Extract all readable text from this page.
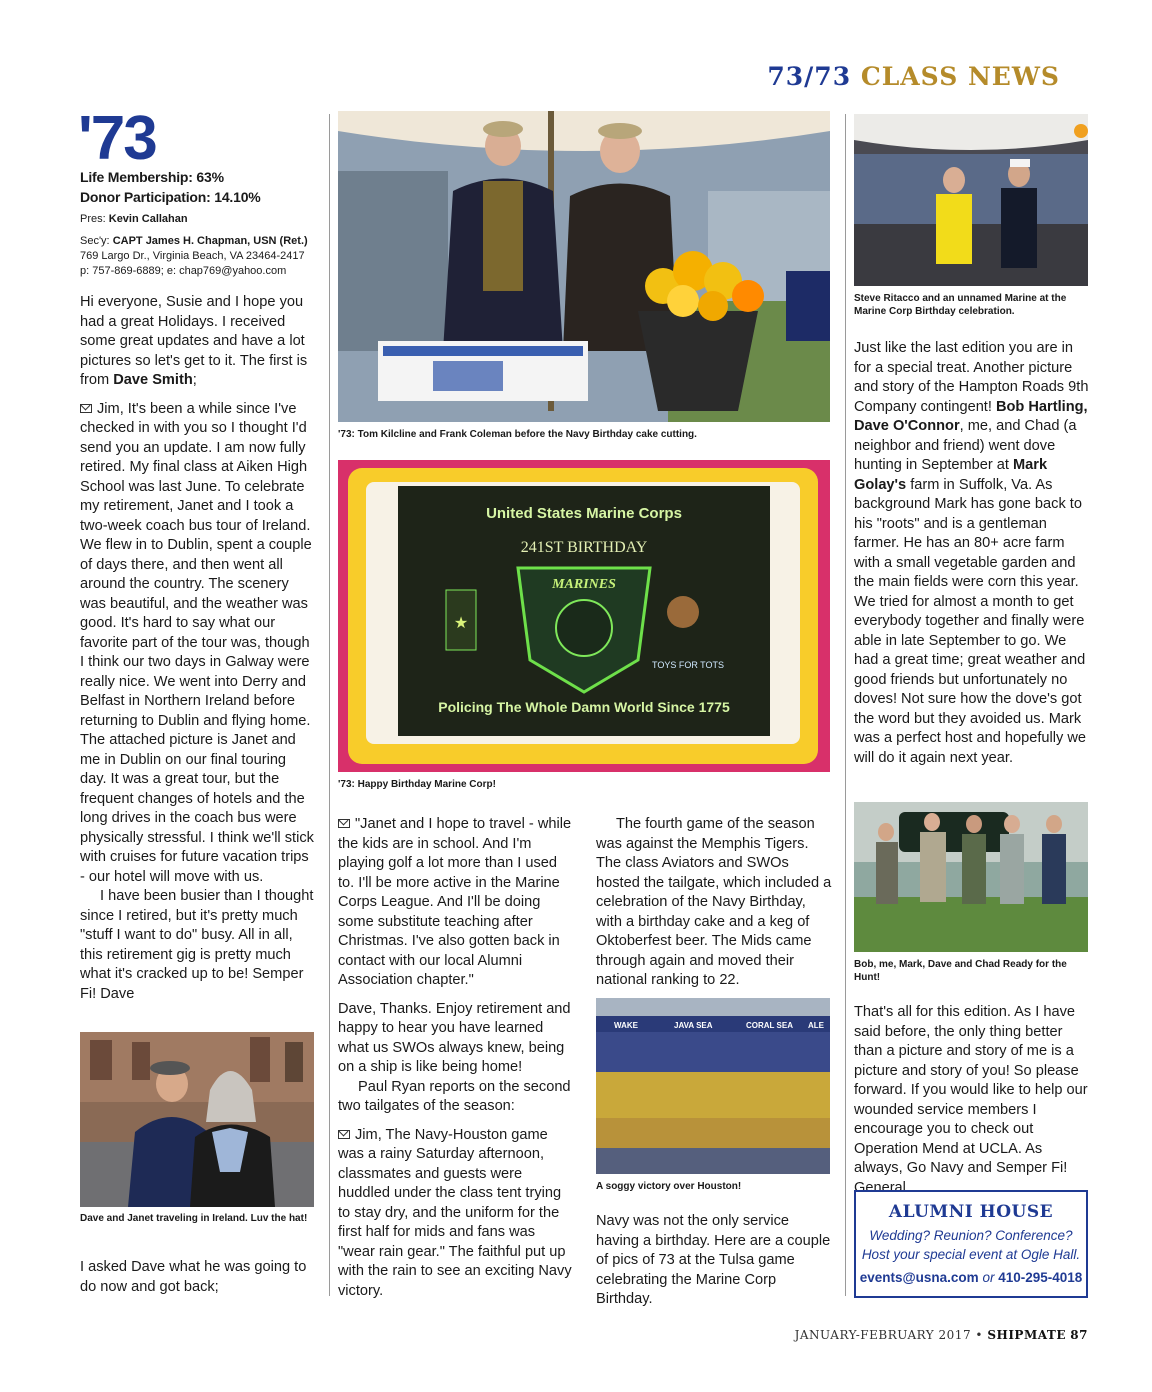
73/73 CLASS NEWS
'73
Life Membership: 63%
Donor Participation: 14.10%
Pres: Kevin Callahan
Sec'y: CAPT James H. Chapman, USN (Ret.)
769 Largo Dr., Virginia Beach, VA 23464-2417
p: 757-869-6889; e: chap769@yahoo.com

Hi everyone, Susie and I hope you had a great Holidays. I received some great updates and have a lot pictures so let's get to it. The first is from Dave Smith;

Jim, It's been a while since I've checked in with you so I thought I'd send you an update. I am now fully retired. My final class at Aiken High School was last June. To celebrate my retirement, Janet and I took a two-week coach bus tour of Ireland. We flew in to Dublin, spent a couple of days there, and then went all around the country. The scenery was beautiful, and the weather was good. It's hard to say what our favorite part of the tour was, though I think our two days in Galway were really nice. We went into Derry and Belfast in Northern Ireland before returning to Dublin and flying home. The attached picture is Janet and me in Dublin on our final touring day. It was a great tour, but the frequent changes of hotels and the long drives in the coach bus were physically stressful. I think we'll stick with cruises for future vacation trips - our hotel will move with us.

I have been busier than I thought since I retired, but it's pretty much "stuff I want to do" busy. All in all, this retirement gig is pretty much what it's cracked up to be! Semper Fi! Dave

Dave and Janet traveling in Ireland. Luv the hat!

I asked Dave what he was going to do now and got back;

'73: Tom Kilcline and Frank Coleman before the Navy Birthday cake cutting.
United States Marine Corps
241ST BIRTHDAY
MARINES
★
TOYS FOR TOTS
Policing The Whole Damn World Since 1775
'73: Happy Birthday Marine Corp!

"Janet and I hope to travel - while the kids are in school. And I'm playing golf a lot more than I used to. I'll be more active in the Marine Corps League. And I'll be doing some substitute teaching after Christmas. I've also gotten back in contact with our local Alumni Association chapter."

Dave, Thanks. Enjoy retirement and happy to hear you have learned what us SWOs always knew, being on a ship is like being home!

Paul Ryan reports on the second two tailgates of the season:

Jim, The Navy-Houston game was a rainy Saturday afternoon, classmates and guests were huddled under the class tent trying to stay dry, and the uniform for the first half for mids and fans was "wear rain gear." The faithful put up with the rain to see an exciting Navy victory.

The fourth game of the season was against the Memphis Tigers. The class Aviators and SWOs hosted the tailgate, which included a celebration of the Navy Birthday, with a birthday cake and a keg of Oktoberfest beer. The Mids came through again and moved their national ranking to 22.

WAKE	JAVA SEA	CORAL SEA ALE
A soggy victory over Houston!

Navy was not the only service having a birthday. Here are a couple of pics of 73 at the Tulsa game celebrating the Marine Corp Birthday.

Steve Ritacco and an unnamed Marine at the Marine Corp Birthday celebration.

Just like the last edition you are in for a special treat. Another picture and story of the Hampton Roads 9th Company contingent! Bob Hartling, Dave O'Connor, me, and Chad (a neighbor and friend) went dove hunting in September at Mark Golay's farm in Suffolk, Va. As background Mark has gone back to his "roots" and is a gentleman farmer. He has an 80+ acre farm with a small vegetable garden and the main fields were corn this year. We tried for almost a month to get everybody together and finally were able in late September to go. We had a great time; great weather and good friends but unfortunately no doves! Not sure how the dove's got the word but they avoided us. Mark was a perfect host and hopefully we will do it again next year.

Bob, me, Mark, Dave and Chad Ready for the Hunt!

That's all for this edition. As I have said before, the only thing better than a picture and story of me is a picture and story of you! So please forward. If you would like to help our wounded service members I encourage you to check out Operation Mend at UCLA. As always, Go Navy and Semper Fi! General

ALUMNI HOUSE
Wedding? Reunion? Conference?
Host your special event at Ogle Hall.
events@usna.com or 410-295-4018
JANUARY-FEBRUARY 2017 • SHIPMATE 87
